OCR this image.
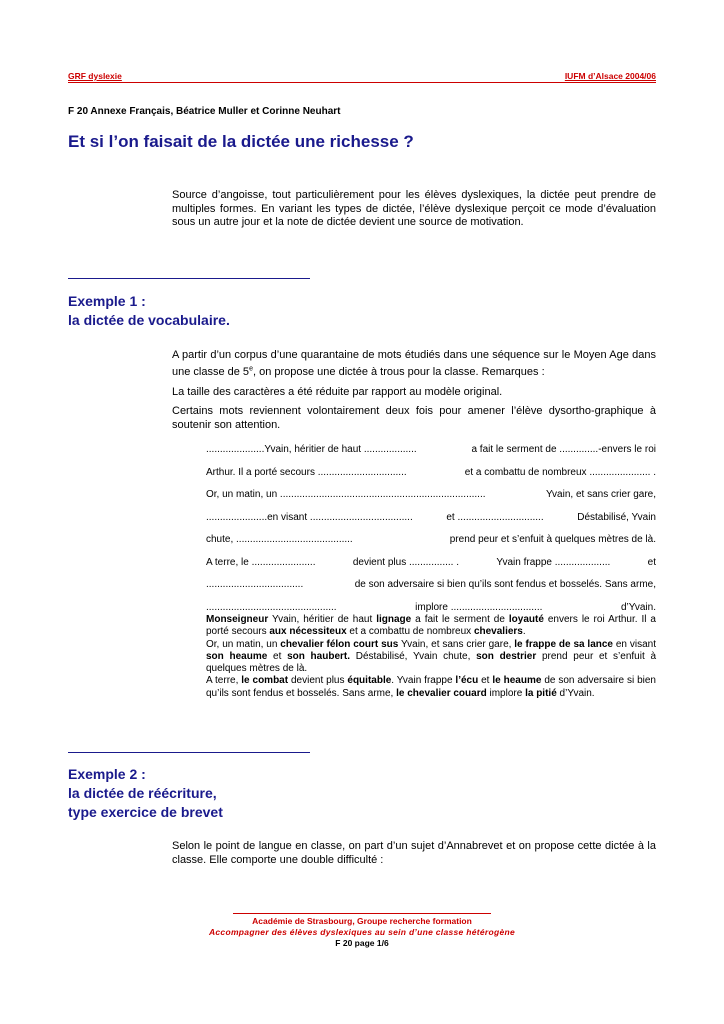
GRF dyslexie	IUFM d’Alsace 2004/06
F 20 Annexe Français, Béatrice Muller et Corinne Neuhart
Et si l’on faisait de la dictée une richesse ?

Source d’angoisse, tout particulièrement pour les élèves dyslexiques, la dictée peut prendre de multiples formes. En variant les types de dictée, l’élève dyslexique perçoit ce mode d’évaluation sous un autre jour et la note de dictée devient une source de motivation.

Exemple 1 :
la dictée de vocabulaire.

A partir d’un corpus d’une quarantaine de mots étudiés dans une séquence sur le Moyen Age dans une classe de 5e, on propose une dictée à trous pour la classe. Remarques :

La taille des caractères a été réduite par rapport au modèle original.

Certains mots reviennent volontairement deux fois pour amener l’élève dysortho-graphique à soutenir son attention.

.....................Yvain, héritier de haut ...................	a fait le serment de ..............-envers le roi
Arthur. Il a porté secours ................................	et a combattu de nombreux ...................... .
Or, un matin, un ..........................................................................	Yvain, et sans crier gare,
......................en visant .....................................	et ...............................	Déstabilisé, Yvain
chute, ..........................................	prend peur et s’enfuit à quelques mètres de là.
A terre, le .......................	devient plus ................ .	Yvain frappe ....................	et
...................................	de son adversaire si bien qu’ils sont fendus et bosselés. Sans arme,
...............................................	implore .................................	d’Yvain.
Monseigneur Yvain, héritier de haut lignage a fait le serment de loyauté envers le roi Arthur. Il a porté secours aux nécessiteux et a combattu de nombreux chevaliers.
Or, un matin, un chevalier félon court sus Yvain, et sans crier gare, le frappe de sa lance en visant son heaume et son haubert. Déstabilisé, Yvain chute, son destrier prend peur et s’enfuit à quelques mètres de là.
A terre, le combat devient plus équitable. Yvain frappe l’écu et le heaume de son adversaire si bien qu’ils sont fendus et bosselés. Sans arme, le chevalier couard implore la pitié d’Yvain.
Exemple 2 :
la dictée de réécriture,
type exercice de brevet

Selon le point de langue en classe, on part d’un sujet d’Annabrevet et on propose cette dictée à la classe. Elle comporte une double difficulté :

Académie de Strasbourg, Groupe recherche formation
Accompagner des élèves dyslexiques au sein d’une classe hétérogène
F 20 page 1/6
